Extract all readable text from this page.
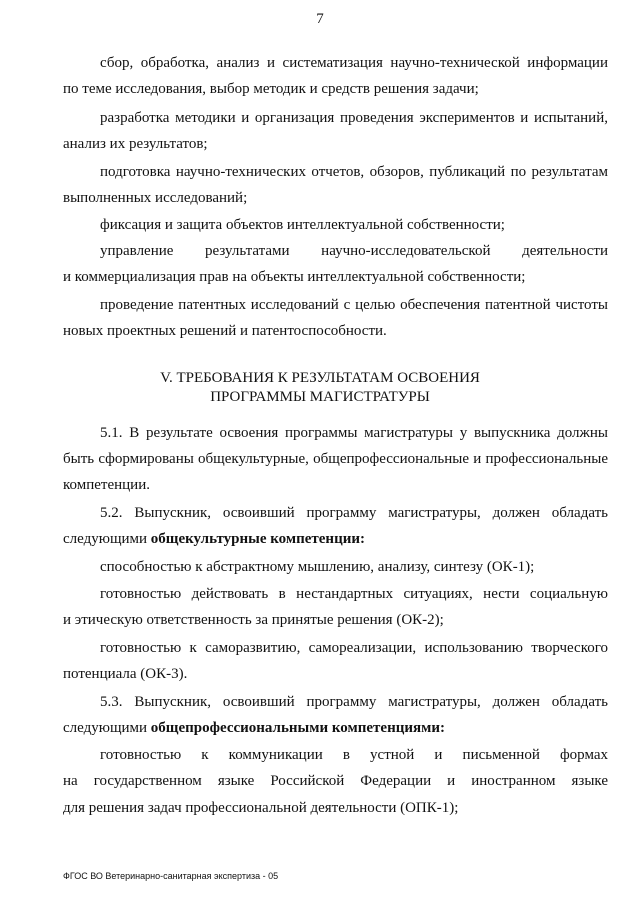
7
сбор, обработка, анализ и систематизация научно-технической информации
по теме исследования, выбор методик и средств решения задачи;
разработка методики и организация проведения экспериментов и испытаний,
анализ их результатов;
подготовка научно-технических отчетов, обзоров, публикаций по результатам
выполненных исследований;
фиксация и защита объектов интеллектуальной собственности;
управление результатами научно-исследовательской деятельности
и коммерциализация прав на объекты интеллектуальной собственности;
проведение патентных исследований с целью обеспечения патентной чистоты
новых проектных решений и патентоспособности.
V. ТРЕБОВАНИЯ К РЕЗУЛЬТАТАМ ОСВОЕНИЯ
ПРОГРАММЫ МАГИСТРАТУРЫ
5.1. В результате освоения программы магистратуры у выпускника должны
быть сформированы общекультурные, общепрофессиональные и профессиональные
компетенции.
5.2. Выпускник, освоивший программу магистратуры, должен обладать
следующими общекультурные компетенции:
способностью к абстрактному мышлению, анализу, синтезу (ОК-1);
готовностью действовать в нестандартных ситуациях, нести социальную
и этическую ответственность за принятые решения (ОК-2);
готовностью к саморазвитию, самореализации, использованию творческого
потенциала (ОК-3).
5.3. Выпускник, освоивший программу магистратуры, должен обладать
следующими общепрофессиональными компетенциями:
готовностью к коммуникации в устной и письменной формах
на государственном языке Российской Федерации и иностранном языке
для решения задач профессиональной деятельности (ОПК-1);
ФГОС ВО Ветеринарно-санитарная экспертиза - 05
